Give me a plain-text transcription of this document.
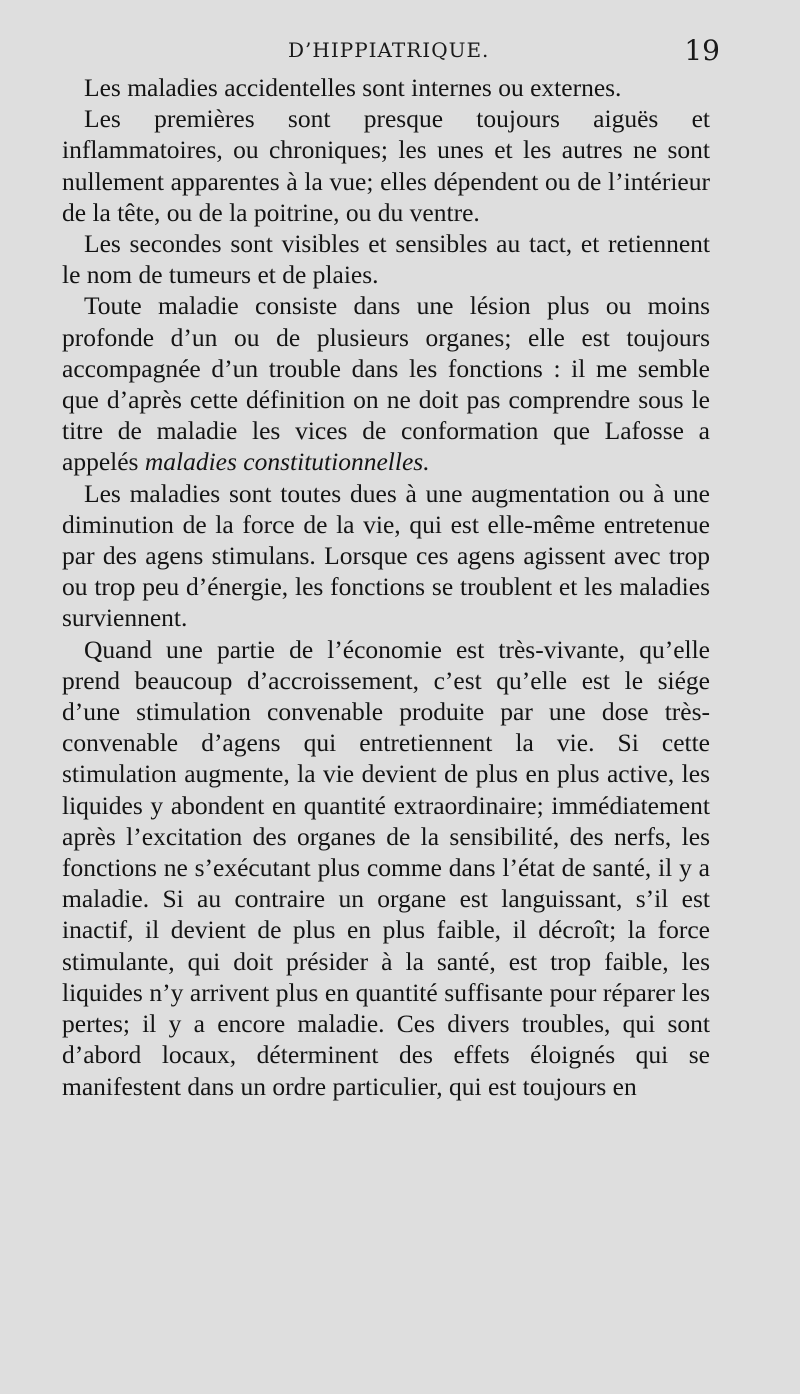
D’HIPPIATRIQUE.	19

Les maladies accidentelles sont internes ou externes.

Les premières sont presque toujours aiguës et inflammatoires, ou chroniques; les unes et les autres ne sont nullement apparentes à la vue; elles dépendent ou de l’intérieur de la tête, ou de la poitrine, ou du ventre.

Les secondes sont visibles et sensibles au tact, et retiennent le nom de tumeurs et de plaies.

Toute maladie consiste dans une lésion plus ou moins profonde d’un ou de plusieurs organes; elle est toujours accompagnée d’un trouble dans les fonctions : il me semble que d’après cette définition on ne doit pas comprendre sous le titre de maladie les vices de conformation que Lafosse a appelés maladies constitutionnelles.

Les maladies sont toutes dues à une augmentation ou à une diminution de la force de la vie, qui est elle-même entretenue par des agens stimulans. Lorsque ces agens agissent avec trop ou trop peu d’énergie, les fonctions se troublent et les maladies surviennent.

Quand une partie de l’économie est très-vivante, qu’elle prend beaucoup d’accroissement, c’est qu’elle est le siége d’une stimulation convenable produite par une dose très-convenable d’agens qui entretiennent la vie. Si cette stimulation augmente, la vie devient de plus en plus active, les liquides y abondent en quantité extraordinaire; immédiatement après l’excitation des organes de la sensibilité, des nerfs, les fonctions ne s’exécutant plus comme dans l’état de santé, il y a maladie. Si au contraire un organe est languissant, s’il est inactif, il devient de plus en plus faible, il décroît; la force stimulante, qui doit présider à la santé, est trop faible, les liquides n’y arrivent plus en quantité suffisante pour réparer les pertes; il y a encore maladie. Ces divers troubles, qui sont d’abord locaux, déterminent des effets éloignés qui se manifestent dans un ordre particulier, qui est toujours en
